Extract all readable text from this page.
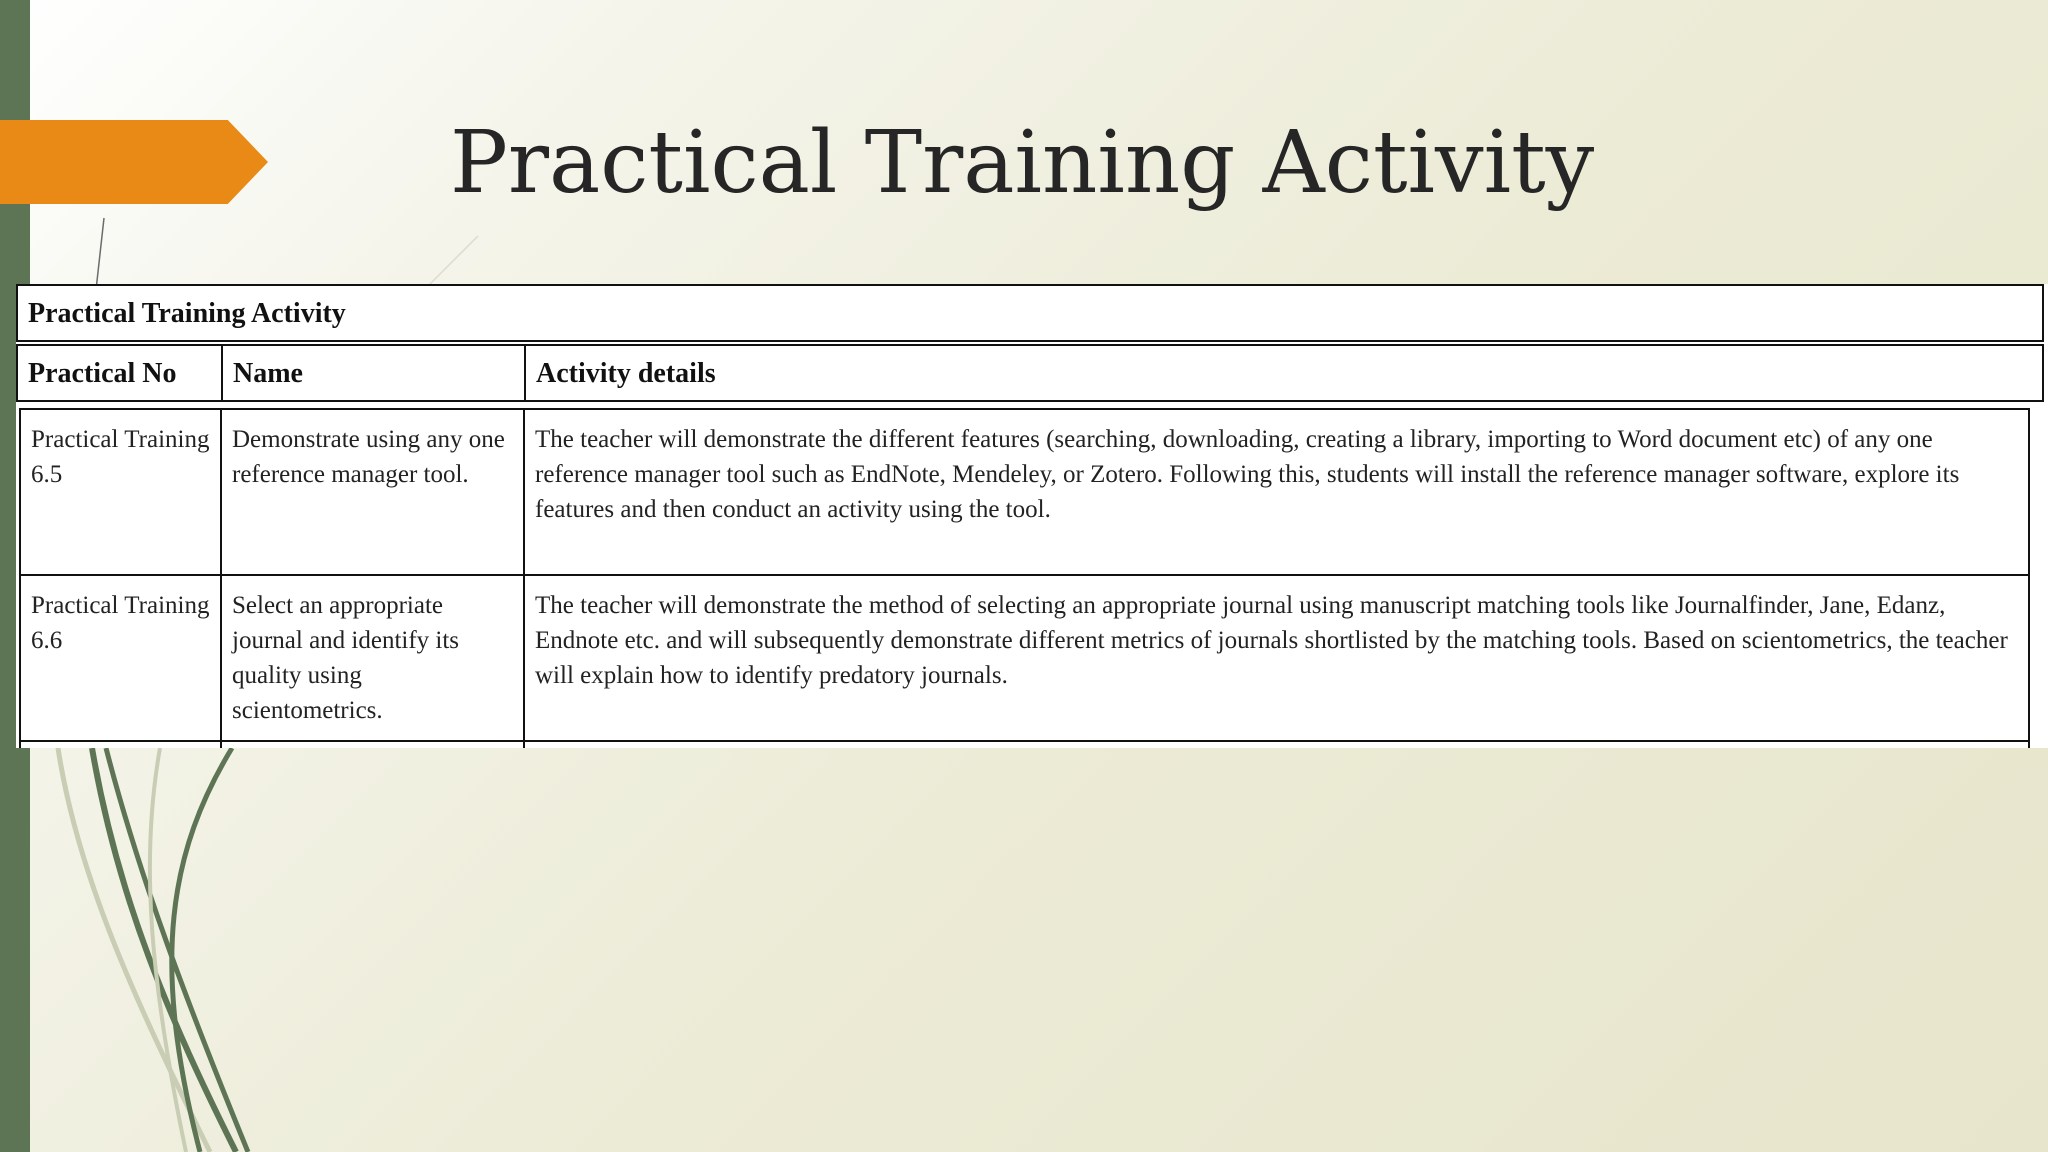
Practical Training Activity
Practical Training Activity
Practical No	Name	Activity details
Practical Training 6.5
Demonstrate using any one reference manager tool.
The teacher will demonstrate the different features (searching, downloading, creating a library, importing to Word document etc) of any one reference manager tool such as EndNote, Mendeley, or Zotero. Following this, students will install the reference manager software, explore its features and then conduct an activity using the tool.
Practical Training 6.6
Select an appropriate journal and identify its quality using scientometrics.
The teacher will demonstrate the method of selecting an appropriate journal using manuscript matching tools like Journalfinder, Jane, Edanz, Endnote etc. and will subsequently demonstrate different metrics of journals shortlisted by the matching tools. Based on scientometrics, the teacher will explain how to identify predatory journals.
